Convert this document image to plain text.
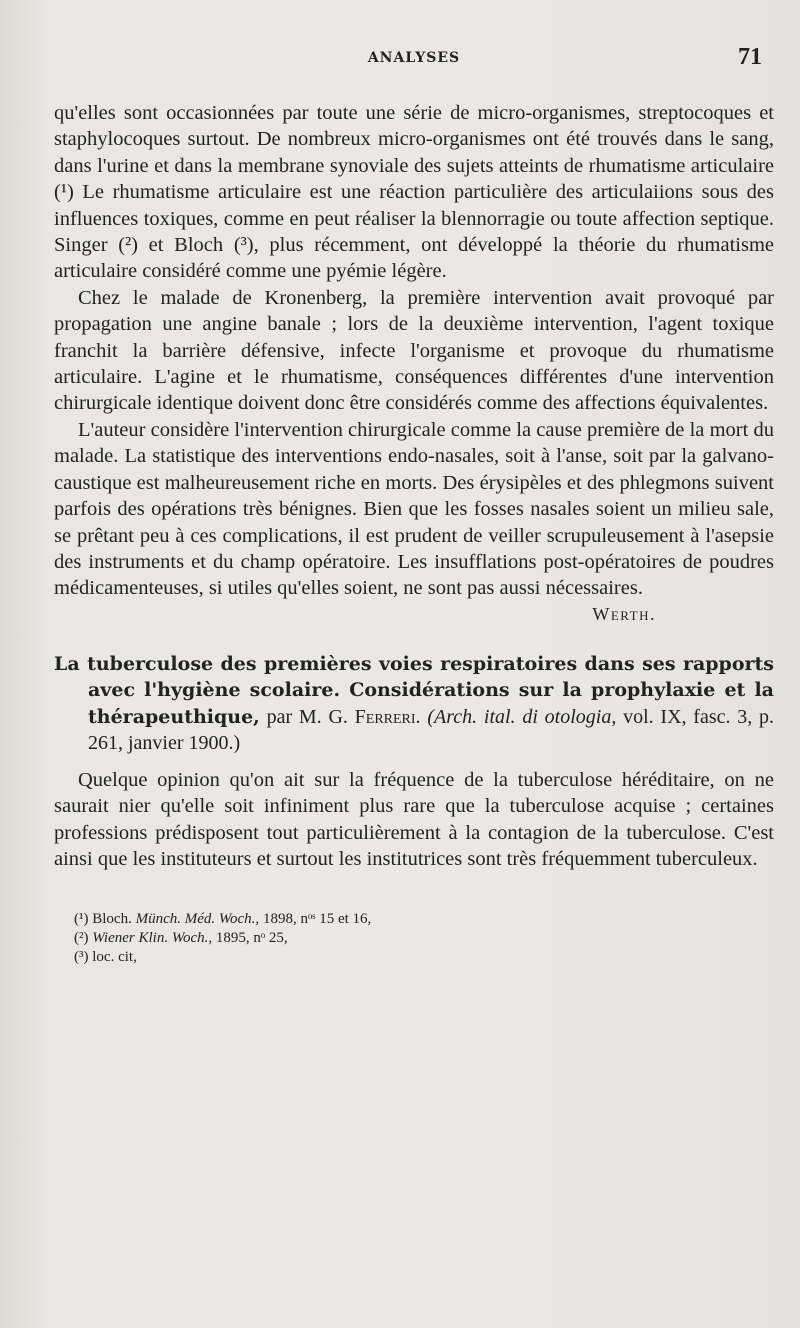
ANALYSES	71

qu'elles sont occasionnées par toute une série de micro-organismes, streptocoques et staphylocoques surtout. De nombreux micro-organismes ont été trouvés dans le sang, dans l'urine et dans la membrane synoviale des sujets atteints de rhumatisme articulaire (¹) Le rhumatisme articulaire est une réaction particulière des articulaiions sous des influences toxiques, comme en peut réaliser la blennorragie ou toute affection septique. Singer (²) et Bloch (³), plus récemment, ont développé la théorie du rhumatisme articulaire considéré comme une pyémie légère.

Chez le malade de Kronenberg, la première intervention avait provoqué par propagation une angine banale ; lors de la deuxième intervention, l'agent toxique franchit la barrière défensive, infecte l'organisme et provoque du rhumatisme articulaire. L'agine et le rhumatisme, conséquences différentes d'une intervention chirurgicale identique doivent donc être considérés comme des affections équivalentes.

L'auteur considère l'intervention chirurgicale comme la cause première de la mort du malade. La statistique des interventions endo-nasales, soit à l'anse, soit par la galvano-caustique est malheureusement riche en morts. Des érysipèles et des phlegmons suivent parfois des opérations très bénignes. Bien que les fosses nasales soient un milieu sale, se prêtant peu à ces complications, il est prudent de veiller scrupuleusement à l'asepsie des instruments et du champ opératoire. Les insufflations post-opératoires de poudres médicamenteuses, si utiles qu'elles soient, ne sont pas aussi nécessaires.

Werth.
La tuberculose des premières voies respiratoires dans ses rapports avec l'hygiène scolaire. Considérations sur la prophylaxie et la thérapeuthique, par M. G. Ferreri. (Arch. ital. di otologia, vol. IX, fasc. 3, p. 261, janvier 1900.)

Quelque opinion qu'on ait sur la fréquence de la tuberculose héréditaire, on ne saurait nier qu'elle soit infiniment plus rare que la tuberculose acquise ; certaines professions prédisposent tout particulièrement à la contagion de la tuberculose. C'est ainsi que les instituteurs et surtout les institutrices sont très fréquemment tuberculeux.

(¹) Bloch. Münch. Méd. Woch., 1898, nᵒˢ 15 et 16,
(²) Wiener Klin. Woch., 1895, nᵒ 25,
(³) loc. cit,
